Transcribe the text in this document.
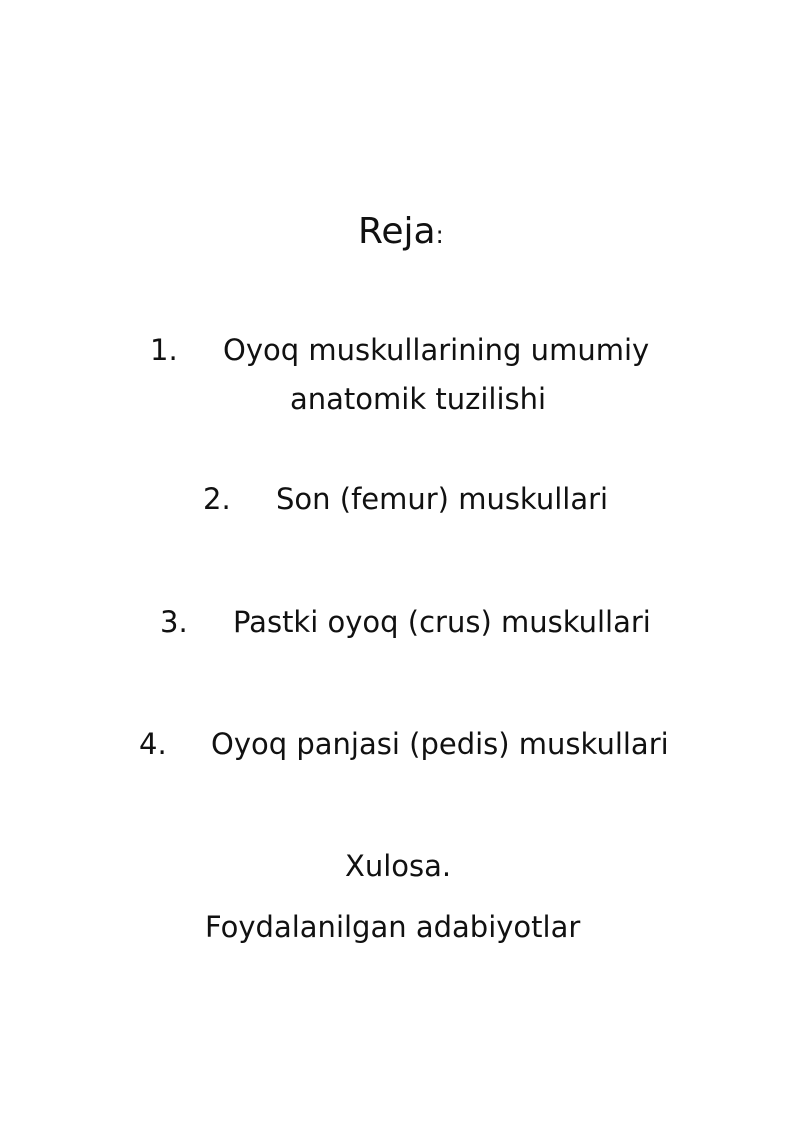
Reja:
1. Oyoq muskullarining umumiy
anatomik tuzilishi
2. Son (femur) muskullari
3. Pastki oyoq (crus) muskullari
4. Oyoq panjasi (pedis) muskullari
Xulosa.
Foydalanilgan adabiyotlar
